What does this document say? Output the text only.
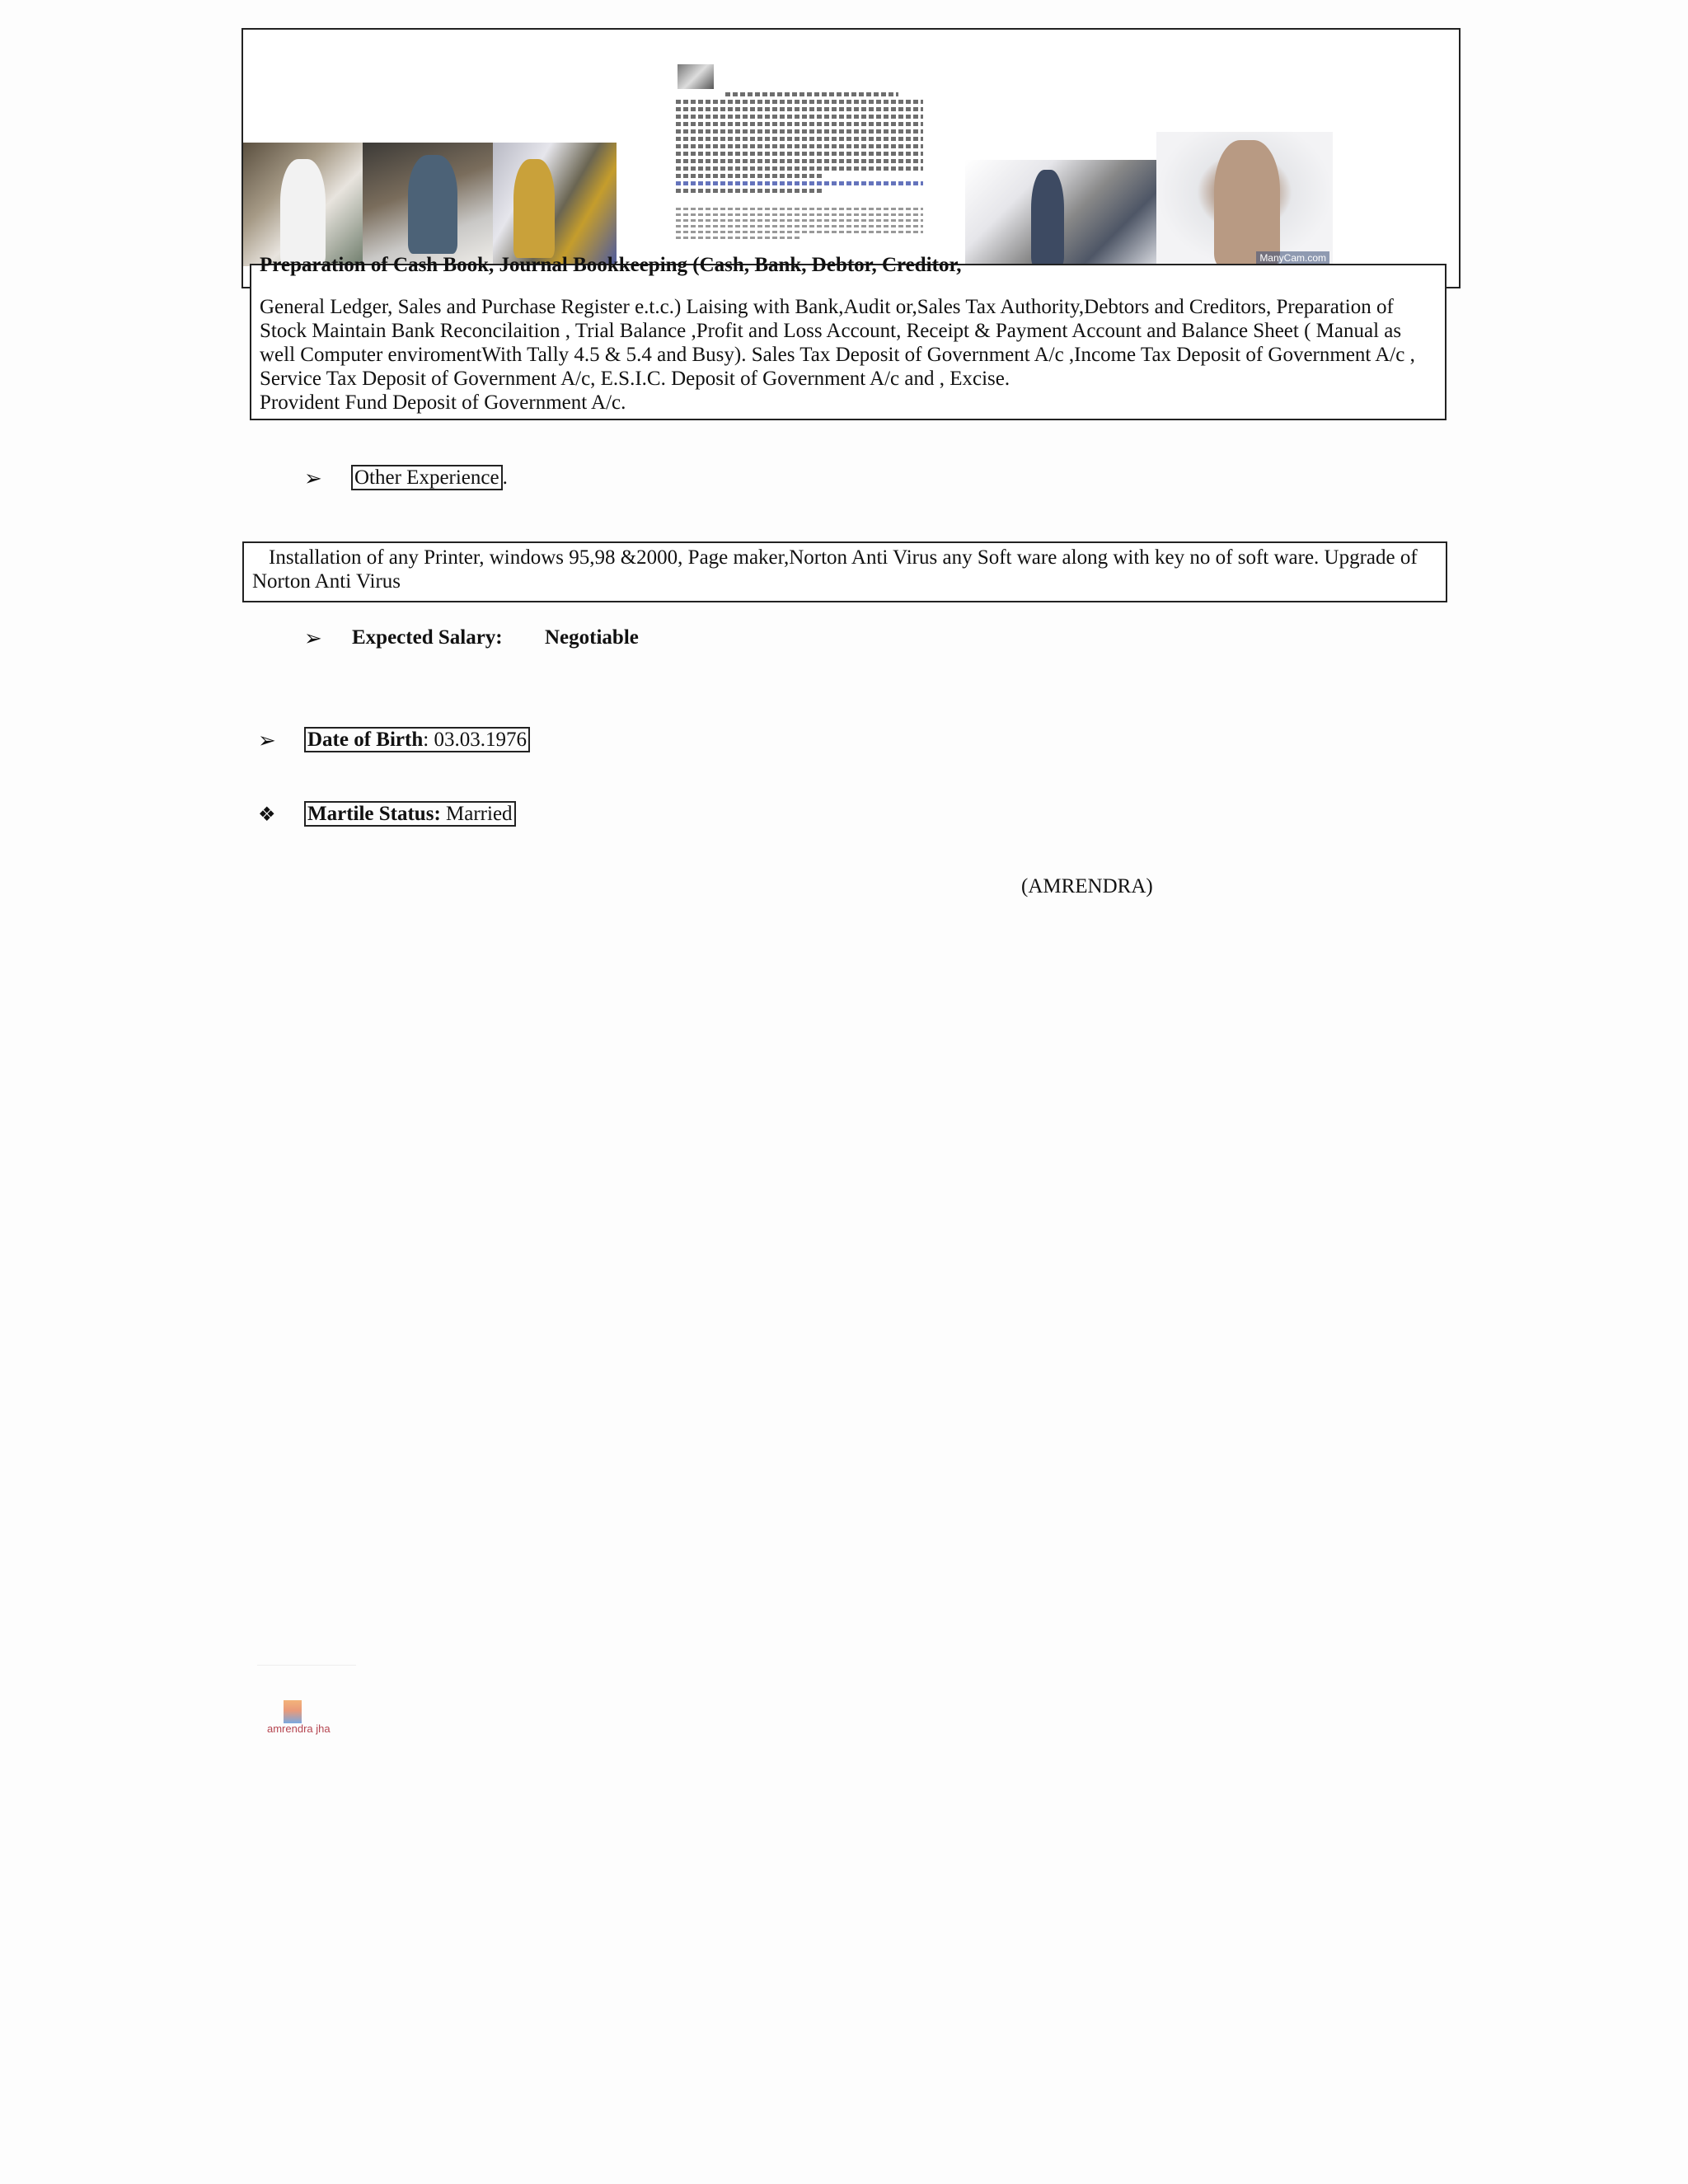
ManyCam.com
Preparation of Cash Book, Journal Bookkeeping (Cash, Bank, Debtor, Creditor,
General Ledger, Sales and Purchase Register e.t.c.) Laising with Bank,Audit or,Sales Tax Authority,Debtors and Creditors, Preparation of Stock Maintain Bank Reconcilaition , Trial Balance ,Profit and Loss Account, Receipt & Payment Account and Balance Sheet ( Manual as well Computer enviromentWith Tally 4.5 & 5.4 and Busy). Sales Tax Deposit of Government A/c ,Income Tax Deposit of Government A/c , Service Tax Deposit of Government A/c, E.S.I.C. Deposit of Government A/c and , Excise.
Provident Fund Deposit of Government A/c.
➢ Other Experience .
Installation of any Printer, windows 95,98 &2000, Page maker,Norton Anti Virus any Soft ware along with key no of soft ware. Upgrade of Norton Anti Virus
➢ Expected Salary: Negotiable
➢ Date of Birth: 03.03.1976
❖ Martile Status: Married
(AMRENDRA)
amrendra jha
